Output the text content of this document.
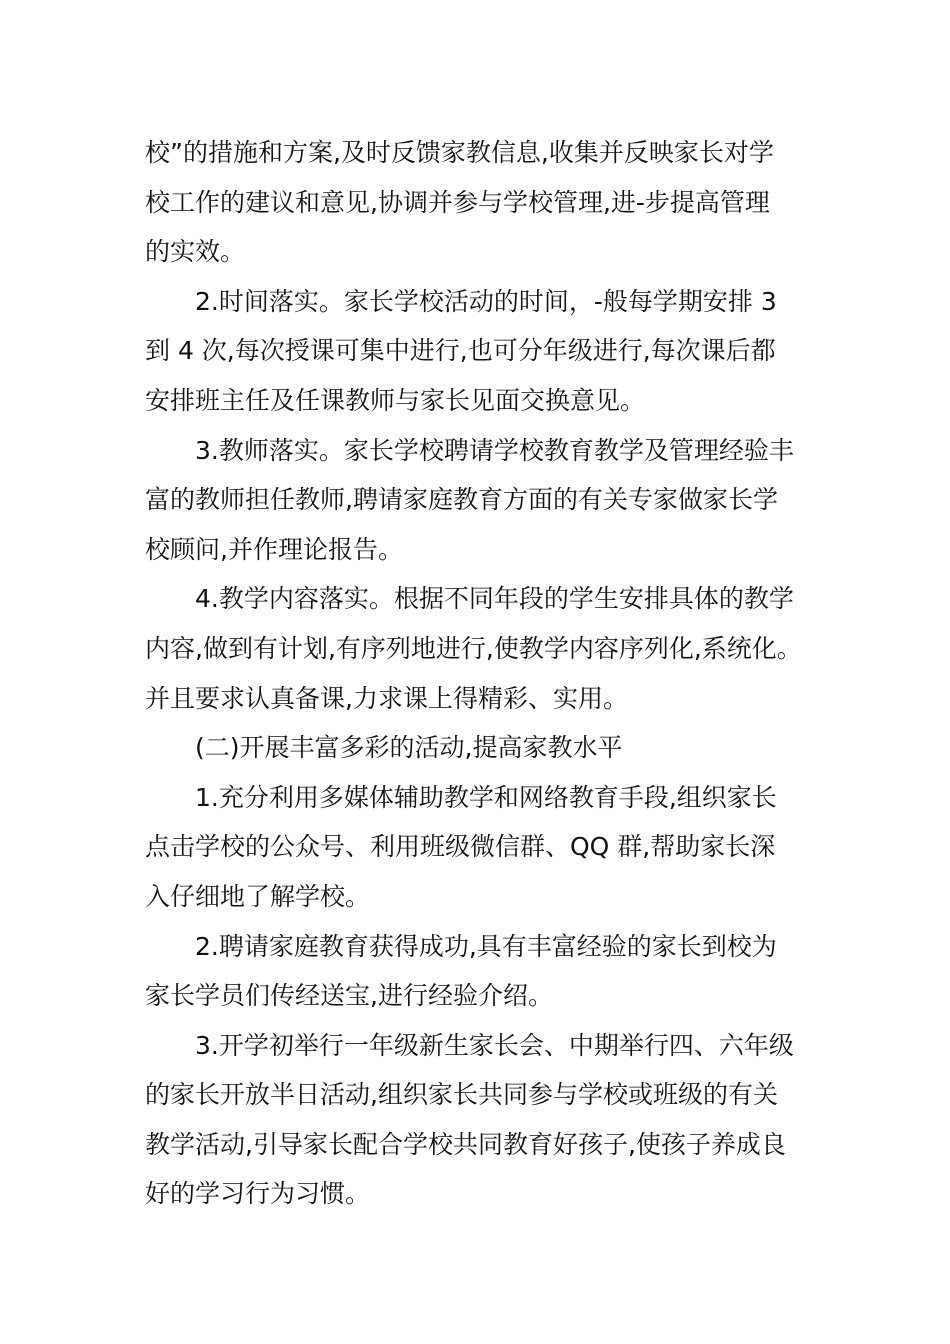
校”的措施和方案,及时反馈家教信息,收集并反映家长对学
校工作的建议和意见,协调并参与学校管理,进-步提高管理
的实效。
2.时间落实。家长学校活动的时间，-般每学期安排 3
到 4 次,每次授课可集中进行,也可分年级进行,每次课后都
安排班主任及任课教师与家长见面交换意见。
3.教师落实。家长学校聘请学校教育教学及管理经验丰
富的教师担任教师,聘请家庭教育方面的有关专家做家长学
校顾问,并作理论报告。
4.教学内容落实。根据不同年段的学生安排具体的教学
内容,做到有计划,有序列地进行,使教学内容序列化,系统化。
并且要求认真备课,力求课上得精彩、实用。
(二)开展丰富多彩的活动,提高家教水平
1.充分利用多媒体辅助教学和网络教育手段,组织家长
点击学校的公众号、利用班级微信群、QQ 群,帮助家长深
入仔细地了解学校。
2.聘请家庭教育获得成功,具有丰富经验的家长到校为
家长学员们传经送宝,进行经验介绍。
3.开学初举行一年级新生家长会、中期举行四、六年级
的家长开放半日活动,组织家长共同参与学校或班级的有关
教学活动,引导家长配合学校共同教育好孩子,使孩子养成良
好的学习行为习惯。
